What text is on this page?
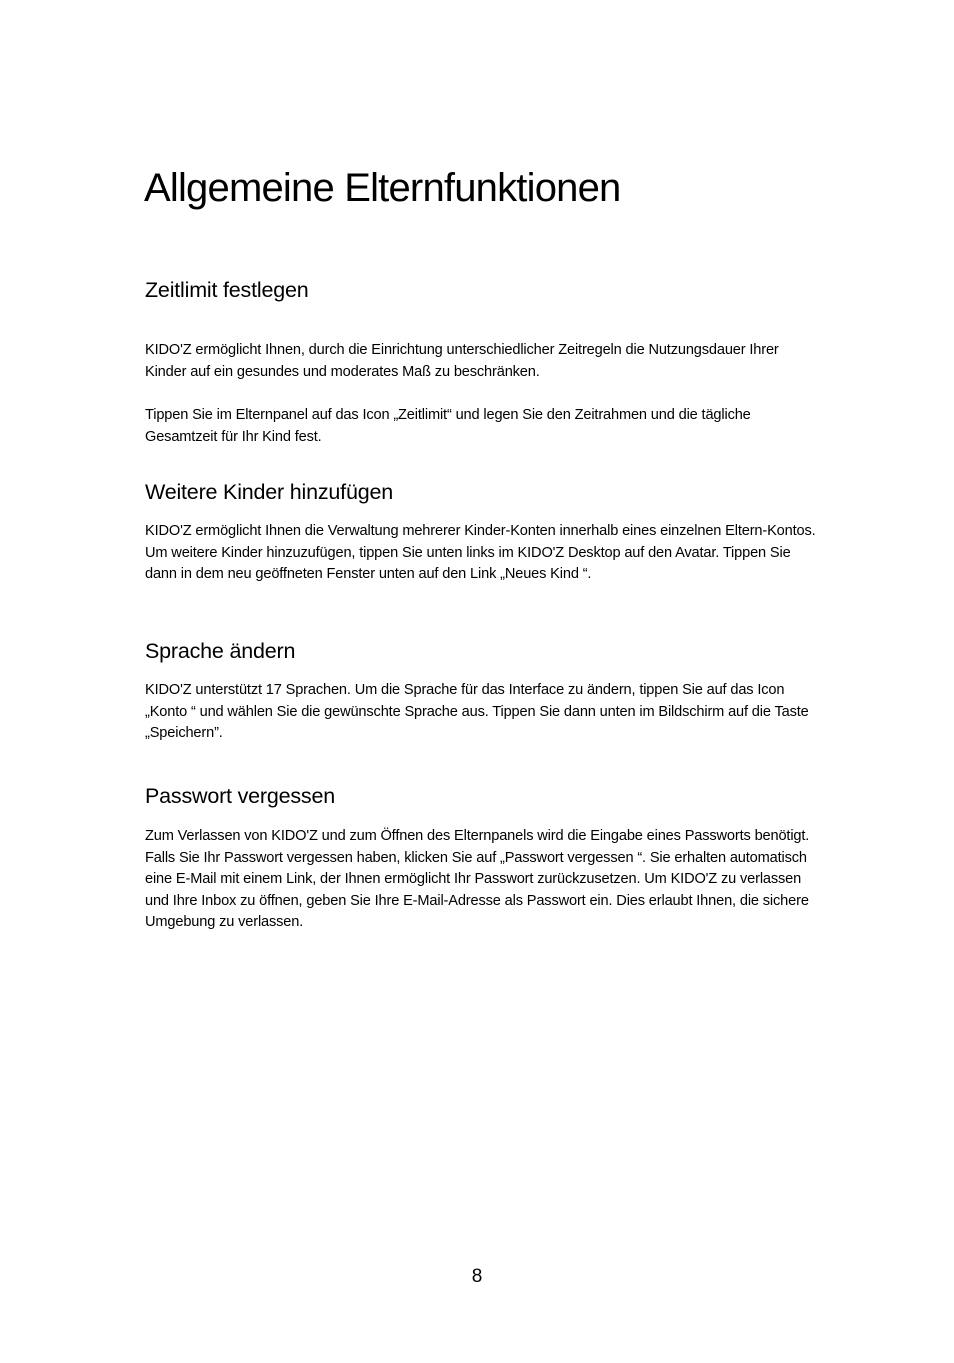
Allgemeine Elternfunktionen
Zeitlimit festlegen

KIDO'Z ermöglicht Ihnen, durch die Einrichtung unterschiedlicher Zeitregeln die Nutzungsdauer Ihrer Kinder auf ein gesundes und moderates Maß zu beschränken.

Tippen Sie im Elternpanel auf das Icon „Zeitlimit“ und legen Sie den Zeitrahmen und die tägliche Gesamtzeit für Ihr Kind fest.

Weitere Kinder hinzufügen

KIDO'Z ermöglicht Ihnen die Verwaltung mehrerer Kinder-Konten innerhalb eines einzelnen Eltern-Kontos. Um weitere Kinder hinzuzufügen, tippen Sie unten links im KIDO'Z Desktop auf den Avatar. Tippen Sie dann in dem neu geöffneten Fenster unten auf den Link „Neues Kind “.

Sprache ändern

KIDO'Z unterstützt 17 Sprachen. Um die Sprache für das Interface zu ändern, tippen Sie auf das Icon „Konto “ und wählen Sie die gewünschte Sprache aus. Tippen Sie dann unten im Bildschirm auf die Taste „Speichern”.

Passwort vergessen

Zum Verlassen von KIDO'Z und zum Öffnen des Elternpanels wird die Eingabe eines Passworts benötigt. Falls Sie Ihr Passwort vergessen haben, klicken Sie auf „Passwort vergessen “. Sie erhalten automatisch eine E-Mail mit einem Link, der Ihnen ermöglicht Ihr Passwort zurückzusetzen. Um KIDO'Z zu verlassen und Ihre Inbox zu öffnen, geben Sie Ihre E-Mail-Adresse als Passwort ein. Dies erlaubt Ihnen, die sichere Umgebung zu verlassen.

8
